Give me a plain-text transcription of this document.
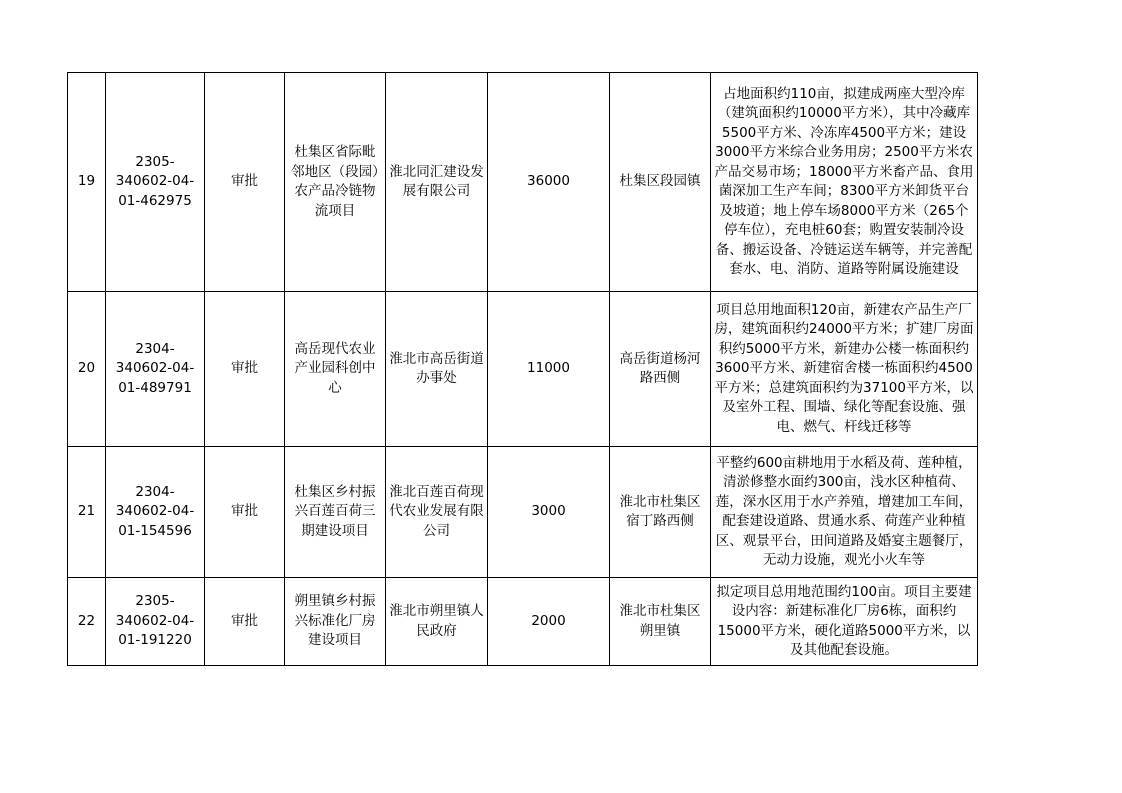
19	2305-340602-04-01-462975	审批	杜集区省际毗邻地区（段园）农产品冷链物流项目	淮北同汇建设发展有限公司	36000	杜集区段园镇	占地面积约110亩，拟建成两座大型冷库（建筑面积约10000平方米），其中冷藏库5500平方米、冷冻库4500平方米；建设3000平方米综合业务用房；2500平方米农产品交易市场；18000平方米畜产品、食用菌深加工生产车间；8300平方米卸货平台及坡道；地上停车场8000平方米（265个停车位），充电桩60套；购置安装制冷设备、搬运设备、冷链运送车辆等，并完善配套水、电、消防、道路等附属设施建设

20	2304-340602-04-01-489791	审批	高岳现代农业产业园科创中心	淮北市高岳街道办事处	11000	高岳街道杨河路西侧	项目总用地面积120亩，新建农产品生产厂房，建筑面积约24000平方米；扩建厂房面积约5000平方米，新建办公楼一栋面积约3600平方米、新建宿舍楼一栋面积约4500平方米；总建筑面积约为37100平方米，以及室外工程、围墙、绿化等配套设施、强电、燃气、杆线迁移等

21	2304-340602-04-01-154596	审批	杜集区乡村振兴百莲百荷三期建设项目	淮北百莲百荷现代农业发展有限公司	3000	淮北市杜集区宿丁路西侧	平整约600亩耕地用于水稻及荷、莲种植，清淤修整水面约300亩，浅水区种植荷、莲，深水区用于水产养殖，增建加工车间，配套建设道路、贯通水系、荷莲产业种植区、观景平台，田间道路及婚宴主题餐厅，无动力设施，观光小火车等

22	2305-340602-04-01-191220	审批	朔里镇乡村振兴标准化厂房建设项目	淮北市朔里镇人民政府	2000	淮北市杜集区朔里镇	拟定项目总用地范围约100亩。项目主要建设内容：新建标准化厂房6栋，面积约15000平方米，硬化道路5000平方米，以及其他配套设施。
